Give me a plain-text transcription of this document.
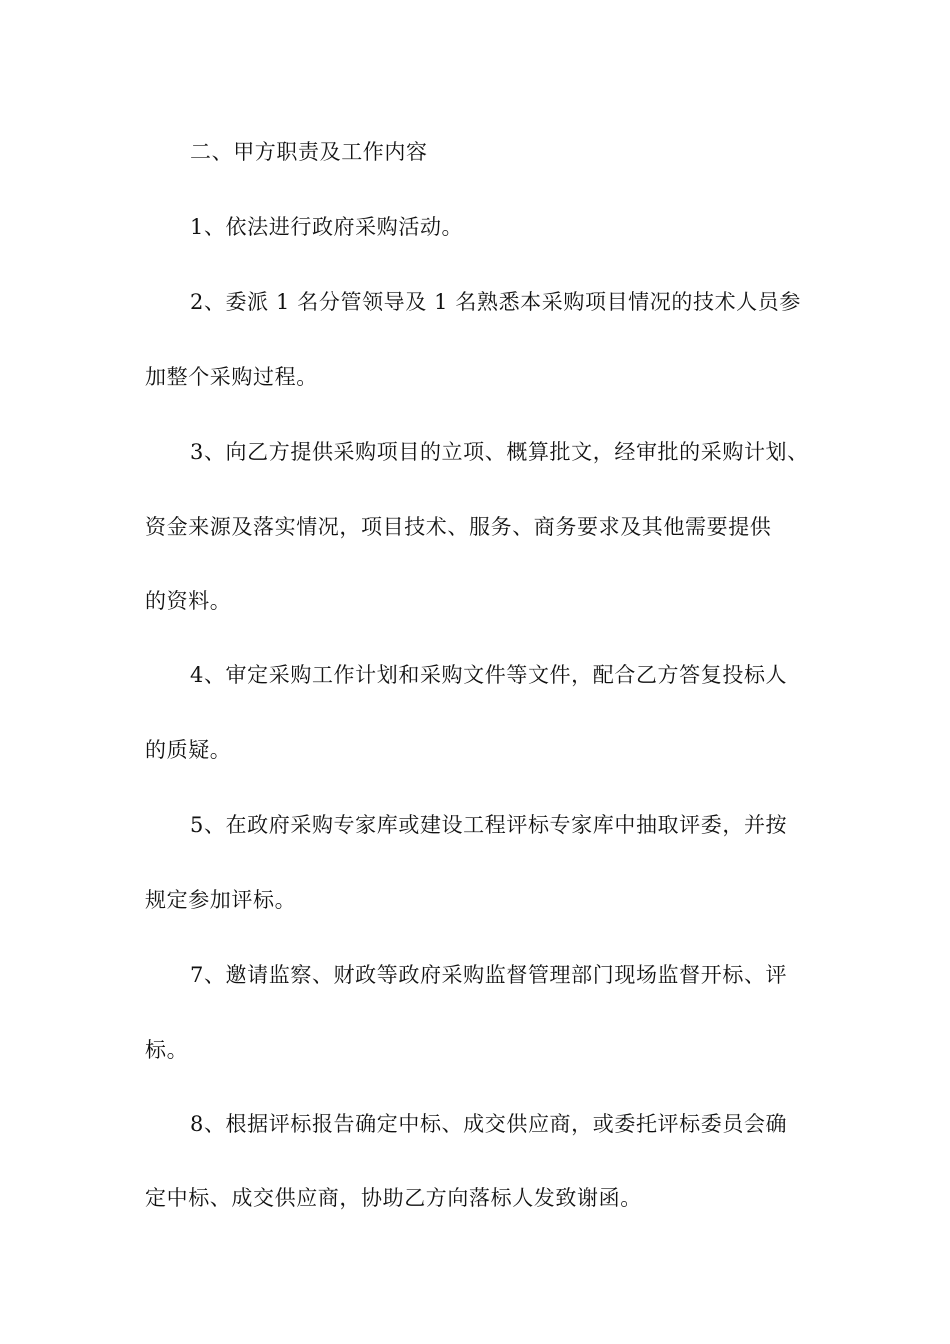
二、甲方职责及工作内容
1、依法进行政府采购活动。
2、委派 1 名分管领导及 1 名熟悉本采购项目情况的技术人员参
加整个采购过程。
3、向乙方提供采购项目的立项、概算批文，经审批的采购计划、
资金来源及落实情况，项目技术、服务、商务要求及其他需要提供
的资料。
4、审定采购工作计划和采购文件等文件，配合乙方答复投标人
的质疑。
5、在政府采购专家库或建设工程评标专家库中抽取评委，并按
规定参加评标。
7、邀请监察、财政等政府采购监督管理部门现场监督开标、评
标。
8、根据评标报告确定中标、成交供应商，或委托评标委员会确
定中标、成交供应商，协助乙方向落标人发致谢函。
